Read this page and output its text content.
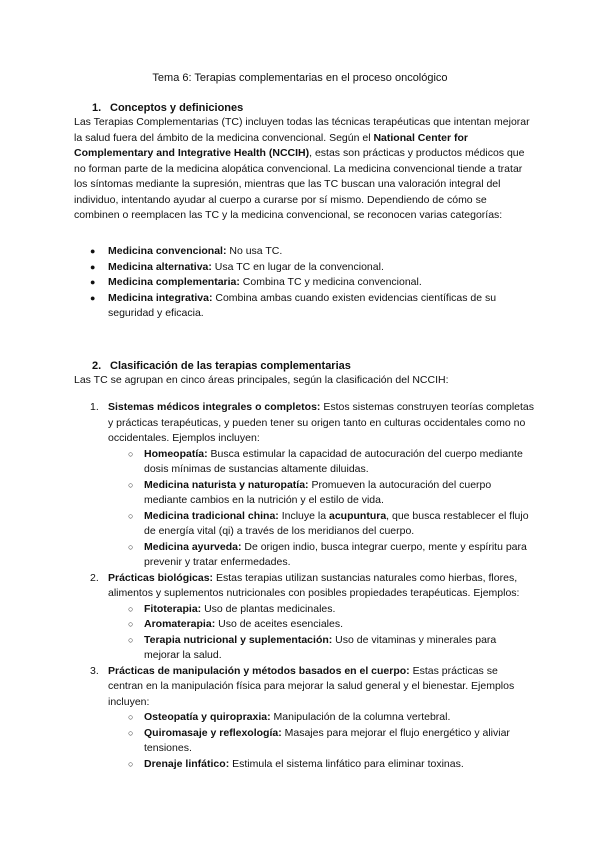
Tema 6: Terapias complementarias en el proceso oncológico
1. Conceptos y definiciones
Las Terapias Complementarias (TC) incluyen todas las técnicas terapéuticas que intentan mejorar la salud fuera del ámbito de la medicina convencional. Según el National Center for Complementary and Integrative Health (NCCIH), estas son prácticas y productos médicos que no forman parte de la medicina alopática convencional. La medicina convencional tiende a tratar los síntomas mediante la supresión, mientras que las TC buscan una valoración integral del individuo, intentando ayudar al cuerpo a curarse por sí mismo. Dependiendo de cómo se combinen o reemplacen las TC y la medicina convencional, se reconocen varias categorías:
● Medicina convencional: No usa TC.
● Medicina alternativa: Usa TC en lugar de la convencional.
● Medicina complementaria: Combina TC y medicina convencional.
● Medicina integrativa: Combina ambas cuando existen evidencias científicas de su seguridad y eficacia.
2. Clasificación de las terapias complementarias
Las TC se agrupan en cinco áreas principales, según la clasificación del NCCIH:
1. Sistemas médicos integrales o completos: Estos sistemas construyen teorías completas y prácticas terapéuticas, y pueden tener su origen tanto en culturas occidentales como no occidentales. Ejemplos incluyen:
○ Homeopatía: Busca estimular la capacidad de autocuración del cuerpo mediante dosis mínimas de sustancias altamente diluidas.
○ Medicina naturista y naturopatía: Promueven la autocuración del cuerpo mediante cambios en la nutrición y el estilo de vida.
○ Medicina tradicional china: Incluye la acupuntura, que busca restablecer el flujo de energía vital (qi) a través de los meridianos del cuerpo.
○ Medicina ayurveda: De origen indio, busca integrar cuerpo, mente y espíritu para prevenir y tratar enfermedades.
2. Prácticas biológicas: Estas terapias utilizan sustancias naturales como hierbas, flores, alimentos y suplementos nutricionales con posibles propiedades terapéuticas. Ejemplos:
○ Fitoterapia: Uso de plantas medicinales.
○ Aromaterapia: Uso de aceites esenciales.
○ Terapia nutricional y suplementación: Uso de vitaminas y minerales para mejorar la salud.
3. Prácticas de manipulación y métodos basados en el cuerpo: Estas prácticas se centran en la manipulación física para mejorar la salud general y el bienestar. Ejemplos incluyen:
○ Osteopatía y quiropraxia: Manipulación de la columna vertebral.
○ Quiromasaje y reflexología: Masajes para mejorar el flujo energético y aliviar tensiones.
○ Drenaje linfático: Estimula el sistema linfático para eliminar toxinas.
